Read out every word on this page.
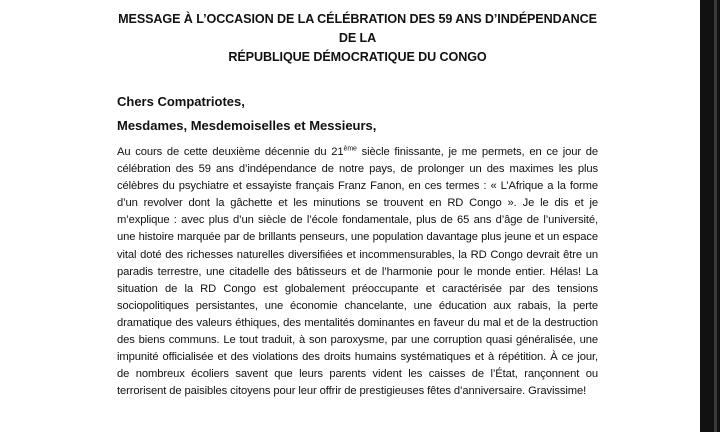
MESSAGE À L’OCCASION DE LA CÉLÉBRATION DES 59 ANS D’INDÉPENDANCE DE LA
RÉPUBLIQUE DÉMOCRATIQUE DU CONGO

Chers Compatriotes,

Mesdames, Mesdemoiselles et Messieurs,

Au cours de cette deuxième décennie du 21ème siècle finissante, je me permets, en ce jour de célébration des 59 ans d’indépendance de notre pays, de prolonger un des maximes les plus célèbres du psychiatre et essayiste français Franz Fanon, en ces termes : « L’Afrique a la forme d’un revolver dont la gâchette et les minutions se trouvent en RD Congo ». Je le dis et je m’explique : avec plus d’un siècle de l’école fondamentale, plus de 65 ans d’âge de l’université, une histoire marquée par de brillants penseurs, une population davantage plus jeune et un espace vital doté des richesses naturelles diversifiées et incommensurables, la RD Congo devrait être un paradis terrestre, une citadelle des bâtisseurs et de l’harmonie pour le monde entier. Hélas! La situation de la RD Congo est globalement préoccupante et caractérisée par des tensions sociopolitiques persistantes, une économie chancelante, une éducation aux rabais, la perte dramatique des valeurs éthiques, des mentalités dominantes en faveur du mal et de la destruction des biens communs. Le tout traduit, à son paroxysme, par une corruption quasi généralisée, une impunité officialisée et des violations des droits humains systématiques et à répétition. À ce jour, de nombreux écoliers savent que leurs parents vident les caisses de l’État, rançonnent ou terrorisent de paisibles citoyens pour leur offrir de prestigieuses fêtes d’anniversaire. Gravissime!
